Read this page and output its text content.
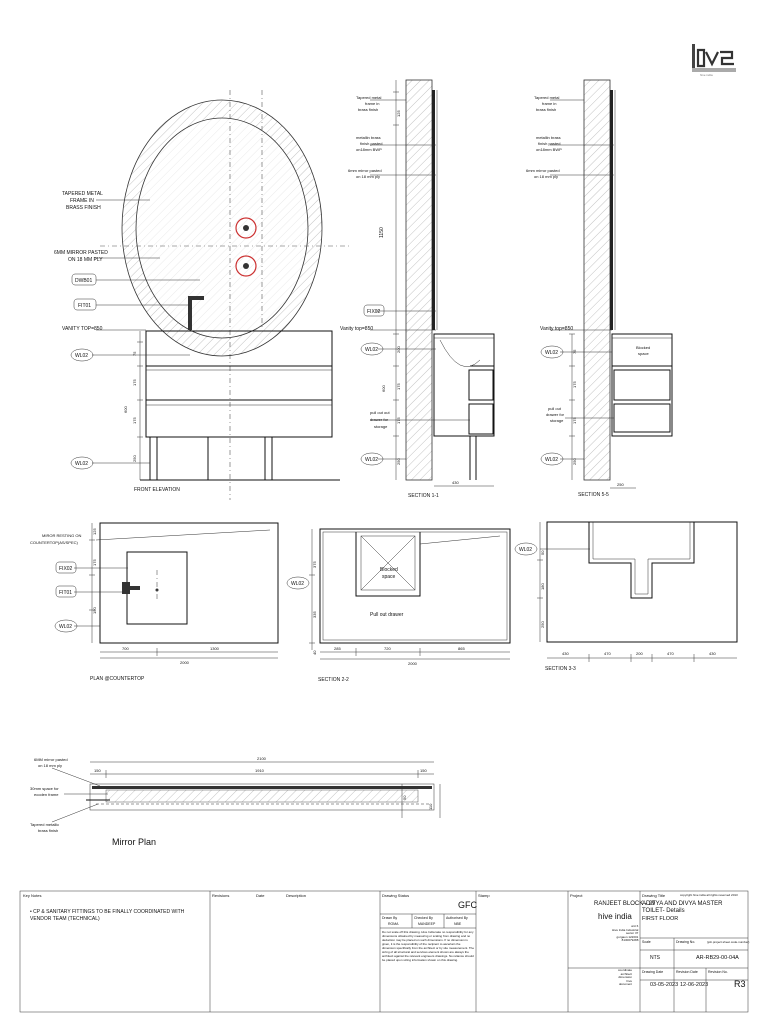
75
175
600
175
250
TAPERED METAL
FRAME IN
BRASS FINISH
6MM MIRROR PASTED
ON 18 MM PLY
DWB01
FIT01
VANITY TOP=850
WL02
WL02
FRONT ELEVATION
125
1150
200
600	175
175
250
Tapered metal
frame in
brass finish
metallin brass
finish pasted
on18mm BWP
6mm mirror pasted
on 18 mm ply
FIX02
Vanity top=850
WL02
pull out out
drawer for
storage
WL02
430
SECTION 1-1
75
175
175
250
Tapered metal
frame in
brass finish
metallin brass
finish pasted
on18mm BWP
6mm mirror pasted
on 18 mm ply
Vanity top=850
WL02
Blocked
space
pull out
drawer for
storage
WL02
250
SECTION 5-5
125
175
150
700	1300
2000
MIROR RESTING ON
COUNTERTOP(AS/SPEC)
FIX02
FIT01
WL02
PLAN @COUNTERTOP
Blocked
space
Pull out drawer
375
335
40
285	720	865
2000
WL02
SECTION 2-2
50
180
250
430	470	200	470	430
WL02
SECTION 3-3
2100
150	1910	150
50
110
6MM mirror pasted
on 18 mm ply
30mm space for
ecoden frame
Tapered metallic
brass finish
Mirror Plan
Key Notes
• CP & SANITARY FITTINGS TO BE FINALLY COORDINATED WITH VENDOR TEAM (TECHNICAL)
Revisions	Date	Description	Drawing Status
GFC
Drawn By	Checked By	Authorised By
ROMA	MANDEEP	NBE
Do not scale off this drawing. Hive India take no responsibility for any dimensions obtained by measuring or scaling from drawing and no deduction may be placed on such dimensions. If no dimension is given, it is the responsibility of the recipient to ascertain the dimension specifically from the architect or by site measurement. The sizing of all structural and services element shown are always the architect against the relevant engineers drawings. No reliance should be placed upon sizing information shown on this drawing.
Stamp	Project
RANJEET BLOCK - 29
hive india
unit 6
Hive India Industrial
sector 37
gurgaon 122001
8130079288
coordinate
architect
dimension
hive
document
Drawing Title	copyright hive india all rights reserved 2013
ADITYA AND DIVYA MASTER TOILET- Details
FIRST FLOOR
Scale
NTS
Drawing No.	(job.project.sheet.code.number)
AR-RB29-00-04A
Drawing Date	Revision Date	Revision No.
03-05-2023 12-06-2023	R3
hive india
